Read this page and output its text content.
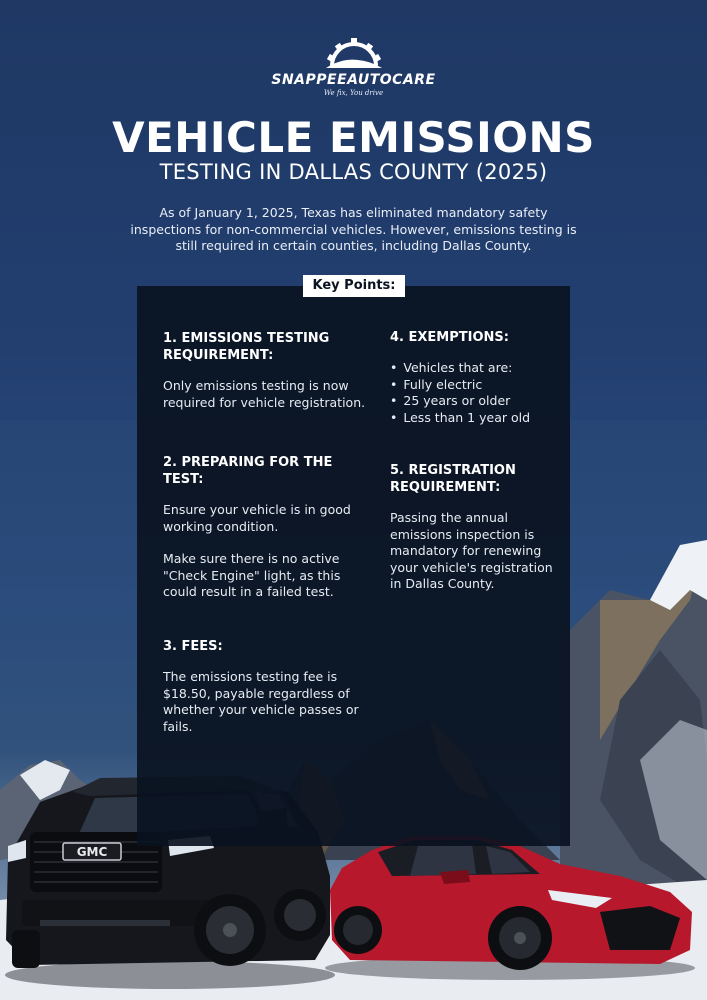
GMC
SNAPPEEAUTOCARE
We fix, You drive
VEHICLE EMISSIONS
TESTING IN DALLAS COUNTY (2025)
As of January 1, 2025, Texas has eliminated mandatory safety inspections for non-commercial vehicles. However, emissions testing is still required in certain counties, including Dallas County.
Key Points:
1. EMISSIONS TESTING REQUIREMENT:

Only emissions testing is now required for vehicle registration.

2. PREPARING FOR THE TEST:

Ensure your vehicle is in good working condition.

Make sure there is no active "Check Engine" light, as this could result in a failed test.

3. FEES:

The emissions testing fee is $18.50, payable regardless of whether your vehicle passes or fails.

4. EXEMPTIONS:
• Vehicles that are:
• Fully electric
• 25 years or older
• Less than 1 year old
5. REGISTRATION REQUIREMENT:

Passing the annual emissions inspection is mandatory for renewing your vehicle's registration in Dallas County.
